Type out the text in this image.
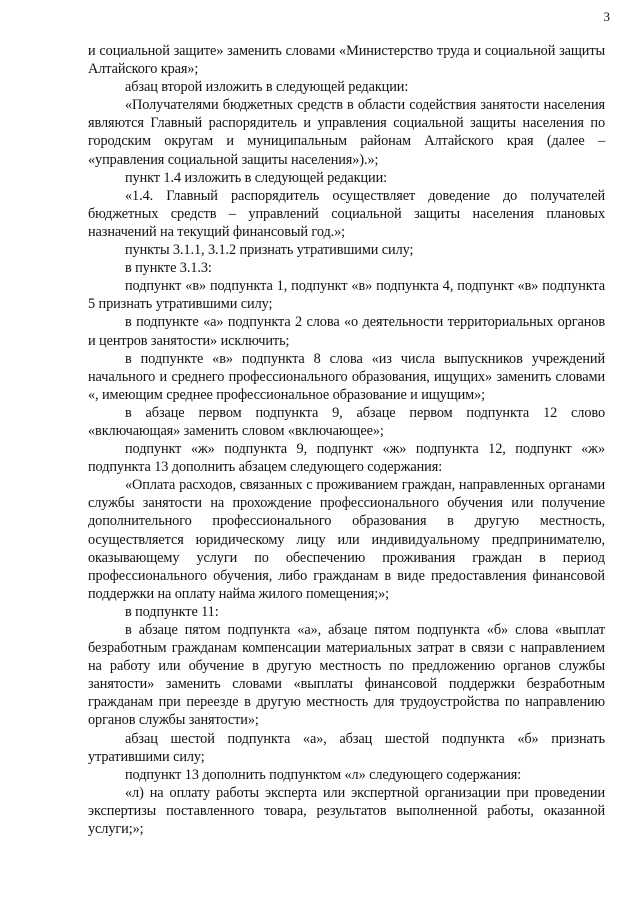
3

и социальной защите» заменить словами «Министерство труда и социальной защиты Алтайского края»;

абзац второй изложить в следующей редакции:

«Получателями бюджетных средств в области содействия занятости населения являются Главный распорядитель и управления социальной защиты населения по городским округам и муниципальным районам Алтайского края (далее – «управления социальной защиты населения»).»;

пункт 1.4 изложить в следующей редакции:

«1.4. Главный распорядитель осуществляет доведение до получателей бюджетных средств – управлений социальной защиты населения плановых назначений на текущий финансовый год.»;

пункты 3.1.1, 3.1.2 признать утратившими силу;

в пункте 3.1.3:

подпункт «в» подпункта 1, подпункт «в» подпункта 4, подпункт «в» подпункта 5 признать утратившими силу;

в подпункте «а» подпункта 2 слова «о деятельности территориальных органов и центров занятости» исключить;

в подпункте «в» подпункта 8 слова «из числа выпускников учреждений начального и среднего профессионального образования, ищущих» заменить словами «, имеющим среднее профессиональное образование и ищущим»;

в абзаце первом подпункта 9, абзаце первом подпункта 12 слово «включающая» заменить словом «включающее»;

подпункт «ж» подпункта 9, подпункт «ж» подпункта 12, подпункт «ж» подпункта 13 дополнить абзацем следующего содержания:

«Оплата расходов, связанных с проживанием граждан, направленных органами службы занятости на прохождение профессионального обучения или получение дополнительного профессионального образования в другую местность, осуществляется юридическому лицу или индивидуальному предпринимателю, оказывающему услуги по обеспечению проживания граждан в период профессионального обучения, либо гражданам в виде предоставления финансовой поддержки на оплату найма жилого помещения;»;

в подпункте 11:

в абзаце пятом подпункта «а», абзаце пятом подпункта «б» слова «выплат безработным гражданам компенсации материальных затрат в связи с направлением на работу или обучение в другую местность по предложению органов службы занятости» заменить словами «выплаты финансовой поддержки безработным гражданам при переезде в другую местность для трудоустройства по направлению органов службы занятости»;

абзац шестой подпункта «а», абзац шестой подпункта «б» признать утратившими силу;

подпункт 13 дополнить подпунктом «л» следующего содержания:

«л) на оплату работы эксперта или экспертной организации при проведении экспертизы поставленного товара, результатов выполненной работы, оказанной услуги;»;
